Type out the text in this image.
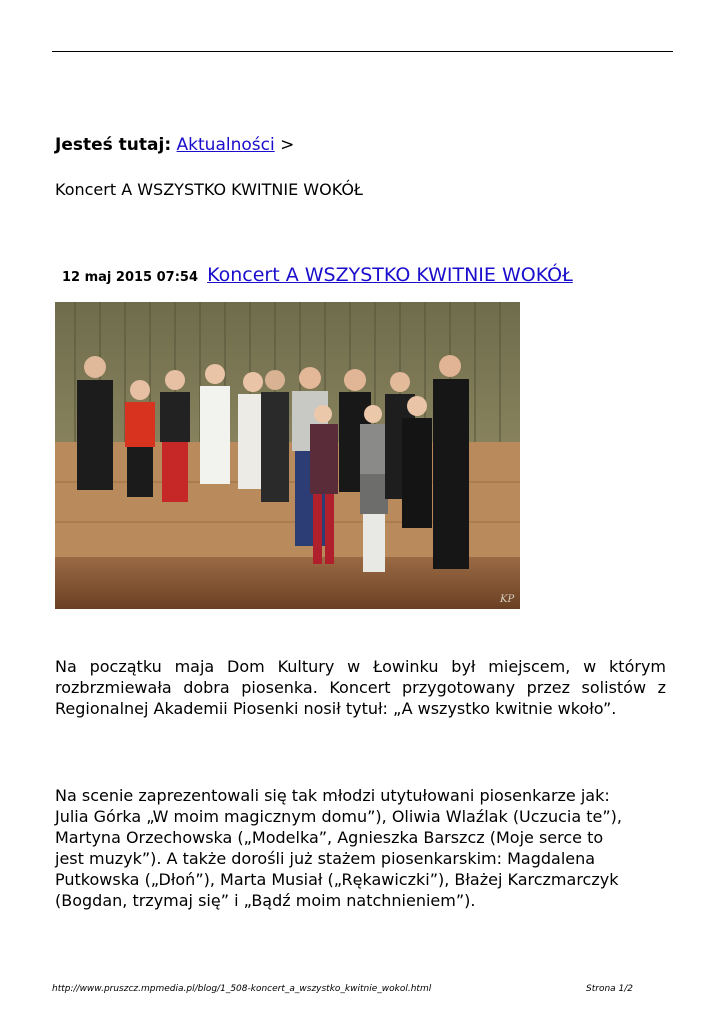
Jesteś tutaj: Aktualności >
Koncert A WSZYSTKO KWITNIE WOKÓŁ
12 maj 2015 07:54 Koncert A WSZYSTKO KWITNIE WOKÓŁ
KP

Na początku maja Dom Kultury w Łowinku był miejscem, w którym rozbrzmiewała dobra piosenka. Koncert przygotowany przez solistów z Regionalnej Akademii Piosenki nosił tytuł: „A wszystko kwitnie wkoło”.

Na scenie zaprezentowali się tak młodzi utytułowani piosenkarze jak:
Julia Górka „W moim magicznym domu”), Oliwia Wlaźlak (Uczucia te”),
Martyna Orzechowska („Modelka”, Agnieszka Barszcz (Moje serce to
jest muzyk”). A także dorośli już stażem piosenkarskim: Magdalena
Putkowska („Dłoń”), Marta Musiał („Rękawiczki”), Błażej Karczmarczyk
(Bogdan, trzymaj się” i „Bądź moim natchnieniem”).
http://www.pruszcz.mpmedia.pl/blog/1_508-koncert_a_wszystko_kwitnie_wokol.html	Strona 1/2
